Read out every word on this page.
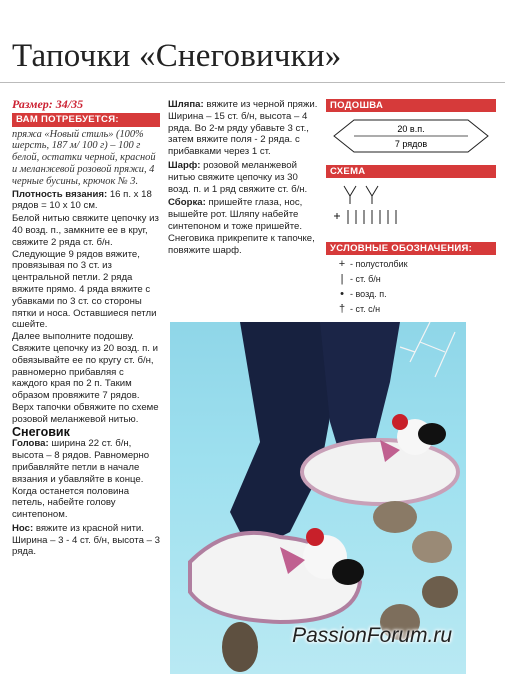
Тапочки «Снеговички»
Размер: 34/35
ВАМ ПОТРЕБУЕТСЯ:

пряжа «Новый стиль» (100% шерсть, 187 м/ 100 г) – 100 г белой, остатки черной, красной и меланжевой розовой пряжи, 4 черные бусины, крючок № 3.

Плотность вязания: 16 п. х 18 рядов = 10 х 10 см.

Белой нитью свяжите цепочку из 40 возд. п., замкните ее в круг, свяжите 2 ряда ст. б/н. Следующие 9 рядов вяжите, провязывая по 3 ст. из центральной петли. 2 ряда вяжите прямо. 4 ряда вяжите с убавками по 3 ст. со стороны пятки и носа. Оставшиеся петли сшейте.
Далее выполните подошву. Свяжите цепочку из 20 возд. п. и обвязывайте ее по кругу ст. б/н, равномерно прибавляя с каждого края по 2 п. Таким образом провяжите 7 рядов. Верх тапочки обвяжите по схеме розовой меланжевой нитью.

Снеговик

Голова: ширина 22 ст. б/н, высота – 8 рядов. Равномерно прибавляйте петли в начале вязания и убавляйте в конце. Когда останется половина петель, набейте голову синтепоном.

Нос: вяжите из красной нити. Ширина – 3 - 4 ст. б/н, высота – 3 ряда.

Шляпа: вяжите из черной пряжи. Ширина – 15 ст. б/н, высота – 4 ряда. Во 2-м ряду убавьте 3 ст., затем вяжите поля - 2 ряда. с прибавками через 1 ст.

Шарф: розовой меланжевой нитью свяжите цепочку из 30 возд. п. и 1 ряд свяжите ст. б/н.

Сборка: пришейте глаза, нос, вышейте рот. Шляпу набейте синтепоном и тоже пришейте. Снеговика прикрепите к тапочке, повяжите шарф.

ПОДОШВА
20 в.п.
7 рядов
СХЕМА
УСЛОВНЫЕ ОБОЗНАЧЕНИЯ:
+ - полустолбик
| - ст. б/н
• - возд. п.
† - ст. с/н
PassionForum.ru
